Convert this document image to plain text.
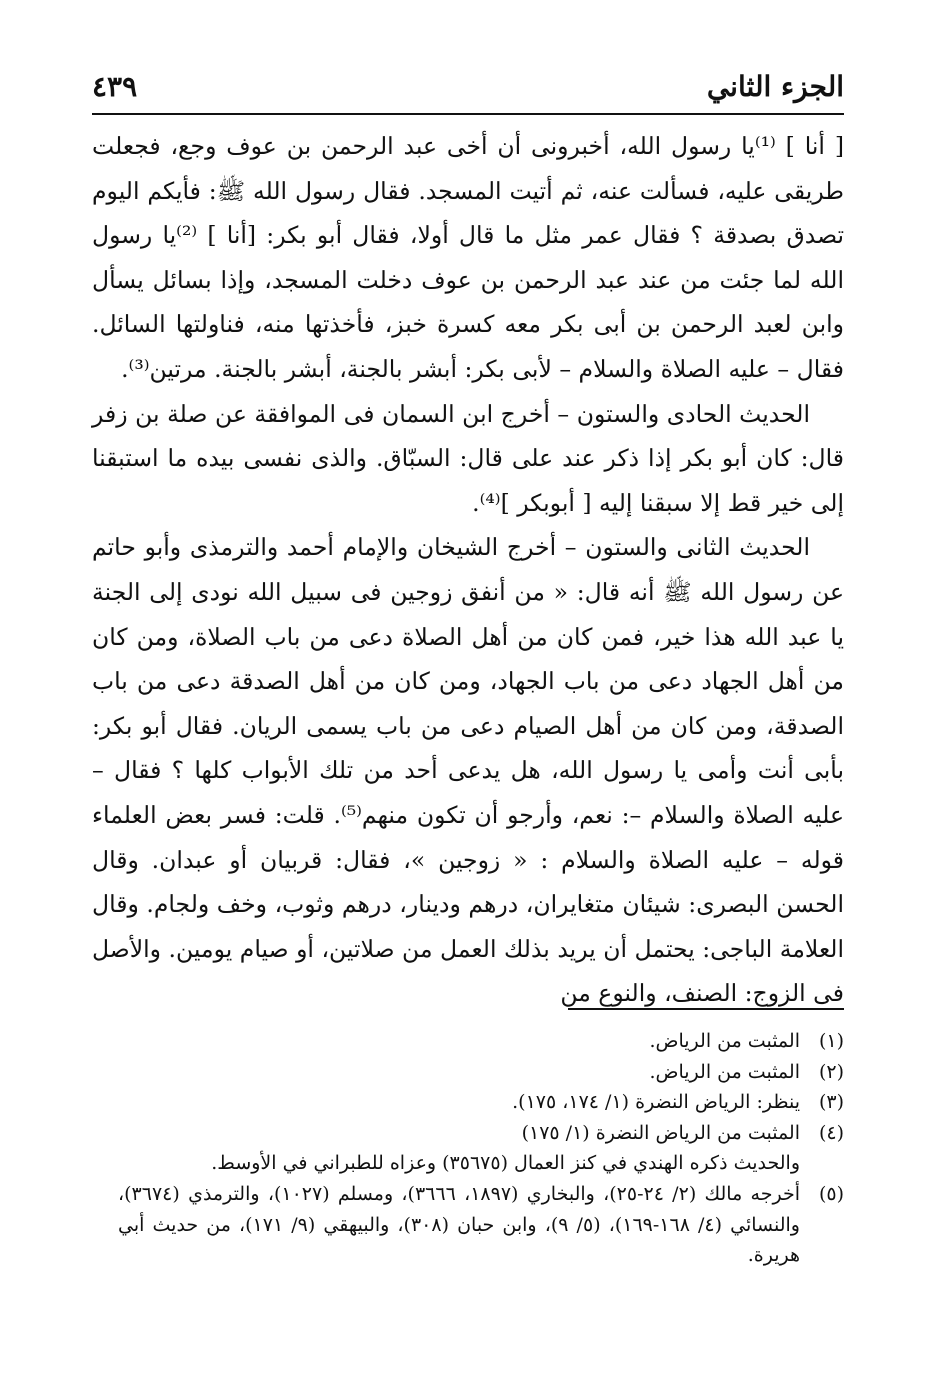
الجزء الثاني
٤٣٩

[ أنا ] ⁽¹⁾يا رسول الله، أخبرونى أن أخى عبد الرحمن بن عوف وجع، فجعلت طريقى عليه، فسألت عنه، ثم أتيت المسجد. فقال رسول الله ﷺ: فأيكم اليوم تصدق بصدقة ؟ فقال عمر مثل ما قال أولا، فقال أبو بكر: [أنا ] ⁽²⁾يا رسول الله لما جئت من عند عبد الرحمن بن عوف دخلت المسجد، وإذا بسائل يسأل وابن لعبد الرحمن بن أبى بكر معه كسرة خبز، فأخذتها منه، فناولتها السائل. فقال – عليه الصلاة والسلام – لأبى بكر: أبشر بالجنة، أبشر بالجنة. مرتين⁽³⁾.

الحديث الحادى والستون – أخرج ابن السمان فى الموافقة عن صلة بن زفر قال: كان أبو بكر إذا ذكر عند على قال: السبّاق. والذى نفسى بيده ما استبقنا إلى خير قط إلا سبقنا إليه [ أبوبكر ]⁽⁴⁾.

الحديث الثانى والستون – أخرج الشيخان والإمام أحمد والترمذى وأبو حاتم عن رسول الله ﷺ أنه قال: « من أنفق زوجين فى سبيل الله نودى إلى الجنة يا عبد الله هذا خير، فمن كان من أهل الصلاة دعى من باب الصلاة، ومن كان من أهل الجهاد دعى من باب الجهاد، ومن كان من أهل الصدقة دعى من باب الصدقة، ومن كان من أهل الصيام دعى من باب يسمى الريان. فقال أبو بكر: بأبى أنت وأمى يا رسول الله، هل يدعى أحد من تلك الأبواب كلها ؟ فقال – عليه الصلاة والسلام –: نعم، وأرجو أن تكون منهم⁽⁵⁾. قلت: فسر بعض العلماء قوله – عليه الصلاة والسلام : « زوجين »، فقال: قربيان أو عبدان. وقال الحسن البصرى: شيئان متغايران، درهم ودينار، درهم وثوب، وخف ولجام. وقال العلامة الباجى: يحتمل أن يريد بذلك العمل من صلاتين، أو صيام يومين. والأصل فى الزوج: الصنف، والنوع من

(١)
المثبت من الرياض.
(٢)
المثبت من الرياض.
(٣)
ينظر: الرياض النضرة (١/ ١٧٤، ١٧٥).
(٤)
المثبت من الرياض النضرة (١/ ١٧٥)
والحديث ذكره الهندي في كنز العمال (٣٥٦٧٥) وعزاه للطبراني في الأوسط.
(٥)
أخرجه مالك (٢/ ٢٤-٢٥)، والبخاري (١٨٩٧، ٣٦٦٦)، ومسلم (١٠٢٧)، والترمذي (٣٦٧٤)، والنسائي (٤/ ١٦٨-١٦٩)، (٥/ ٩)، وابن حبان (٣٠٨)، والبيهقي (٩/ ١٧١)، من حديث أبي هريرة.
